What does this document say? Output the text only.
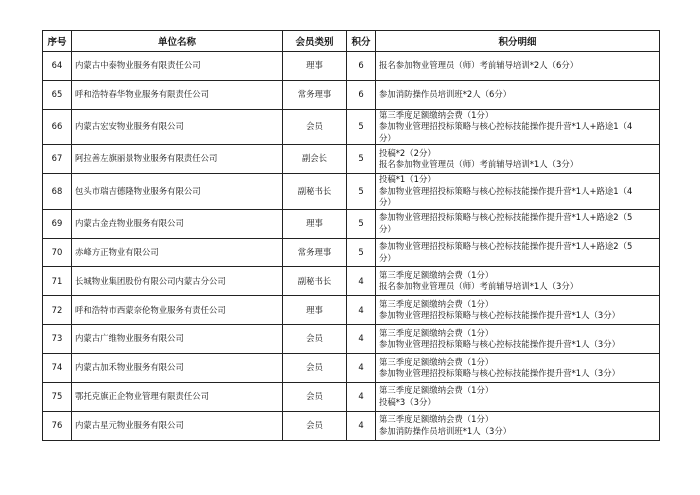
序号	单位名称	会员类别	积分	积分明细
64	内蒙古中泰物业服务有限责任公司	理事	6	报名参加物业管理员（师）考前辅导培训*2人（6分）

65	呼和浩特春华物业服务有限责任公司	常务理事	6	参加消防操作员培训班*2人（6分）

66	内蒙古宏安物业服务有限公司	会员	5	第三季度足额缴纳会费（1分）
参加物业管理招投标策略与核心控标技能操作提升营*1人+路途1（4
分）

67	阿拉善左旗丽景物业服务有限责任公司	副会长	5	投稿*2（2分）
报名参加物业管理员（师）考前辅导培训*1人（3分）

68	包头市瑞吉德隆物业服务有限公司	副秘书长	5	投稿*1（1分）
参加物业管理招投标策略与核心控标技能操作提升营*1人+路途1（4
分）

69	内蒙古金垚物业服务有限公司	理事	5	参加物业管理招投标策略与核心控标技能操作提升营*1人+路途2（5
分）

70	赤峰方正物业有限公司	常务理事	5	参加物业管理招投标策略与核心控标技能操作提升营*1人+路途2（5
分）

71	长城物业集团股份有限公司内蒙古分公司	副秘书长	4	第三季度足额缴纳会费（1分）
报名参加物业管理员（师）考前辅导培训*1人（3分）

72	呼和浩特市西蒙奈伦物业服务有责任公司	理事	4	第三季度足额缴纳会费（1分）
参加物业管理招投标策略与核心控标技能操作提升营*1人（3分）

73	内蒙古广维物业服务有限公司	会员	4	第三季度足额缴纳会费（1分）
参加物业管理招投标策略与核心控标技能操作提升营*1人（3分）

74	内蒙古加禾物业服务有限公司	会员	4	第三季度足额缴纳会费（1分）
参加物业管理招投标策略与核心控标技能操作提升营*1人（3分）

75	鄂托克旗正企物业管理有限责任公司	会员	4	第三季度足额缴纳会费（1分）
投稿*3（3分）

76	内蒙古星元物业服务有限公司	会员	4	第三季度足额缴纳会费（1分）
参加消防操作员培训班*1人（3分）
